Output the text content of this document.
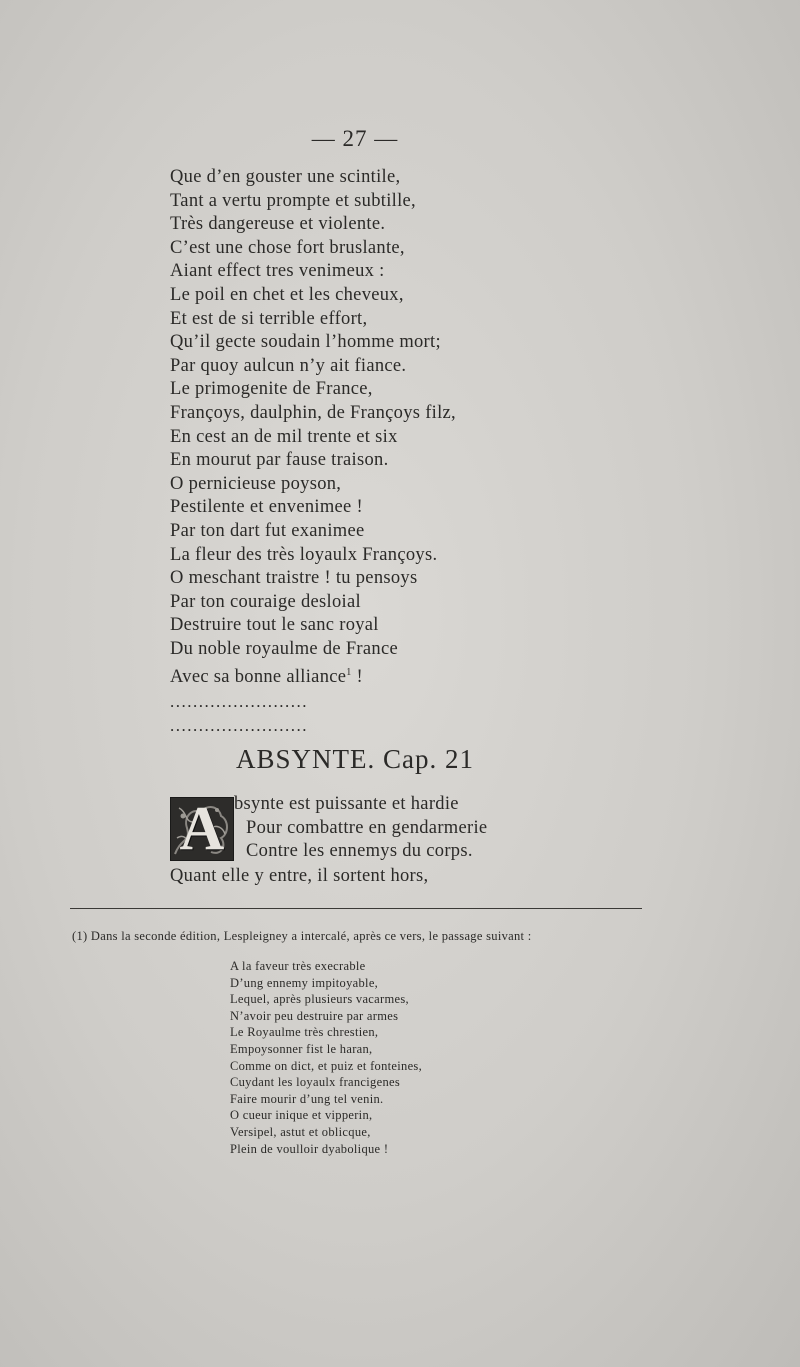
— 27 —
Que d’en gouster une scintile,
Tant a vertu prompte et subtille,
Très dangereuse et violente.
C’est une chose fort bruslante,
Aiant effect tres venimeux :
Le poil en chet et les cheveux,
Et est de si terrible effort,
Qu’il gecte soudain l’homme mort;
Par quoy aulcun n’y ait fiance.
Le primogenite de France,
Françoys, daulphin, de Françoys filz,
En cest an de mil trente et six
En mourut par fause traison.
O pernicieuse poyson,
Pestilente et envenimee !
Par ton dart fut exanimee
La fleur des très loyaulx Françoys.
O meschant traistre ! tu pensoys
Par ton couraige desloial
Destruire tout le sanc royal
Du noble royaulme de France
Avec sa bonne alliance$^1$ !
........................
........................
ABSYNTE. Cap. 21
A bsynte est puissante et hardie
Pour combattre en gendarmerie
Contre les ennemys du corps.
Quant elle y entre, il sortent hors,
(1) Dans la seconde édition, Lespleigney a intercalé, après ce vers, le passage suivant :
A la faveur très execrable
D’ung ennemy impitoyable,
Lequel, après plusieurs vacarmes,
N’avoir peu destruire par armes
Le Royaulme très chrestien,
Empoysonner fist le haran,
Comme on dict, et puiz et fonteines,
Cuydant les loyaulx francigenes
Faire mourir d’ung tel venin.
O cueur inique et vipperin,
Versipel, astut et oblicque,
Plein de voulloir dyabolique !
